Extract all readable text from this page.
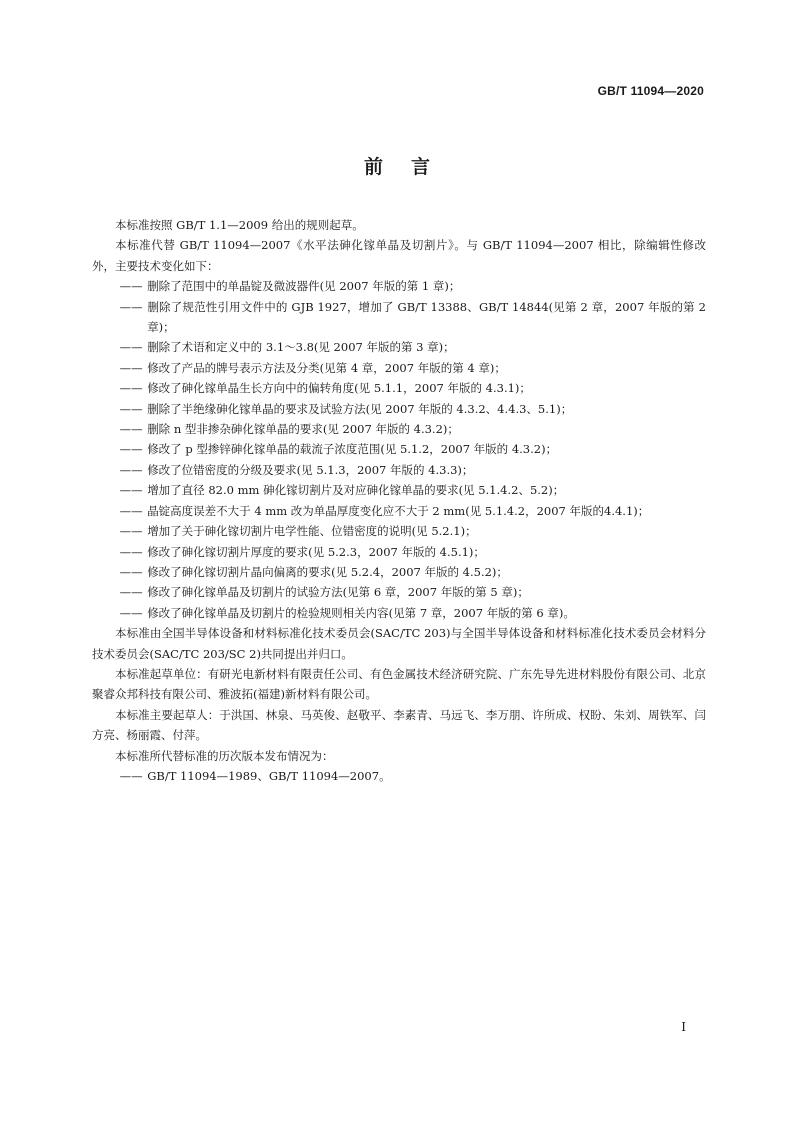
GB/T 11094—2020
前言

本标准按照 GB/T 1.1—2009 给出的规则起草。

本标准代替 GB/T 11094—2007《水平法砷化镓单晶及切割片》。与 GB/T 11094—2007 相比，除编辑性修改外，主要技术变化如下：

—— 删除了范围中的单晶锭及微波器件(见 2007 年版的第 1 章)；

—— 删除了规范性引用文件中的 GJB 1927，增加了 GB/T 13388、GB/T 14844(见第 2 章，2007 年版的第 2 章)；

—— 删除了术语和定义中的 3.1～3.8(见 2007 年版的第 3 章)；

—— 修改了产品的牌号表示方法及分类(见第 4 章，2007 年版的第 4 章)；

—— 修改了砷化镓单晶生长方向中的偏转角度(见 5.1.1，2007 年版的 4.3.1)；

—— 删除了半绝缘砷化镓单晶的要求及试验方法(见 2007 年版的 4.3.2、4.4.3、5.1)；

—— 删除 n 型非掺杂砷化镓单晶的要求(见 2007 年版的 4.3.2)；

—— 修改了 p 型掺锌砷化镓单晶的载流子浓度范围(见 5.1.2，2007 年版的 4.3.2)；

—— 修改了位错密度的分级及要求(见 5.1.3，2007 年版的 4.3.3)；

—— 增加了直径 82.0 mm 砷化镓切割片及对应砷化镓单晶的要求(见 5.1.4.2、5.2)；

—— 晶锭高度误差不大于 4 mm 改为单晶厚度变化应不大于 2 mm(见 5.1.4.2，2007 年版的4.4.1)；

—— 增加了关于砷化镓切割片电学性能、位错密度的说明(见 5.2.1)；

—— 修改了砷化镓切割片厚度的要求(见 5.2.3，2007 年版的 4.5.1)；

—— 修改了砷化镓切割片晶向偏离的要求(见 5.2.4，2007 年版的 4.5.2)；

—— 修改了砷化镓单晶及切割片的试验方法(见第 6 章，2007 年版的第 5 章)；

—— 修改了砷化镓单晶及切割片的检验规则相关内容(见第 7 章，2007 年版的第 6 章)。

本标准由全国半导体设备和材料标准化技术委员会(SAC/TC 203)与全国半导体设备和材料标准化技术委员会材料分技术委员会(SAC/TC 203/SC 2)共同提出并归口。

本标准起草单位：有研光电新材料有限责任公司、有色金属技术经济研究院、广东先导先进材料股份有限公司、北京聚睿众邦科技有限公司、雅波拓(福建)新材料有限公司。

本标准主要起草人：于洪国、林泉、马英俊、赵敬平、李素青、马远飞、李万朋、许所成、权盼、朱刘、周铁军、闫方亮、杨丽霞、付萍。

本标准所代替标准的历次版本发布情况为：

—— GB/T 11094—1989、GB/T 11094—2007。

I
